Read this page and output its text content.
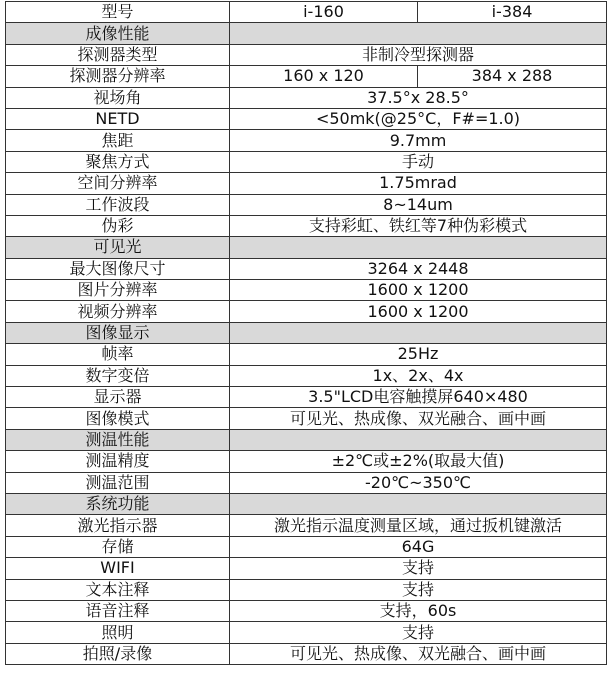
型号	i-160	i-384
成像性能		
探测器类型	非制冷型探测器	
探测器分辨率	160 x 120	384 x 288
视场角	37.5°x 28.5°	
NETD	<50mk(@25°C，F#=1.0)	
焦距	9.7mm	
聚焦方式	手动	
空间分辨率	1.75mrad	
工作波段	8~14um	
伪彩	支持彩虹、铁红等7种伪彩模式	
可见光		
最大图像尺寸	3264 x 2448	
图片分辨率	1600 x 1200	
视频分辨率	1600 x 1200	
图像显示		
帧率	25Hz	
数字变倍	1x、2x、4x	
显示器	3.5"LCD电容触摸屏640×480	
图像模式	可见光、热成像、双光融合、画中画	
测温性能		
测温精度	±2℃或±2%(取最大值)	
测温范围	-20℃~350℃	
系统功能		
激光指示器	激光指示温度测量区域，通过扳机键激活	
存储	64G	
WIFI	支持	
文本注释	支持	
语音注释	支持，60s	
照明	支持	
拍照/录像	可见光、热成像、双光融合、画中画	
